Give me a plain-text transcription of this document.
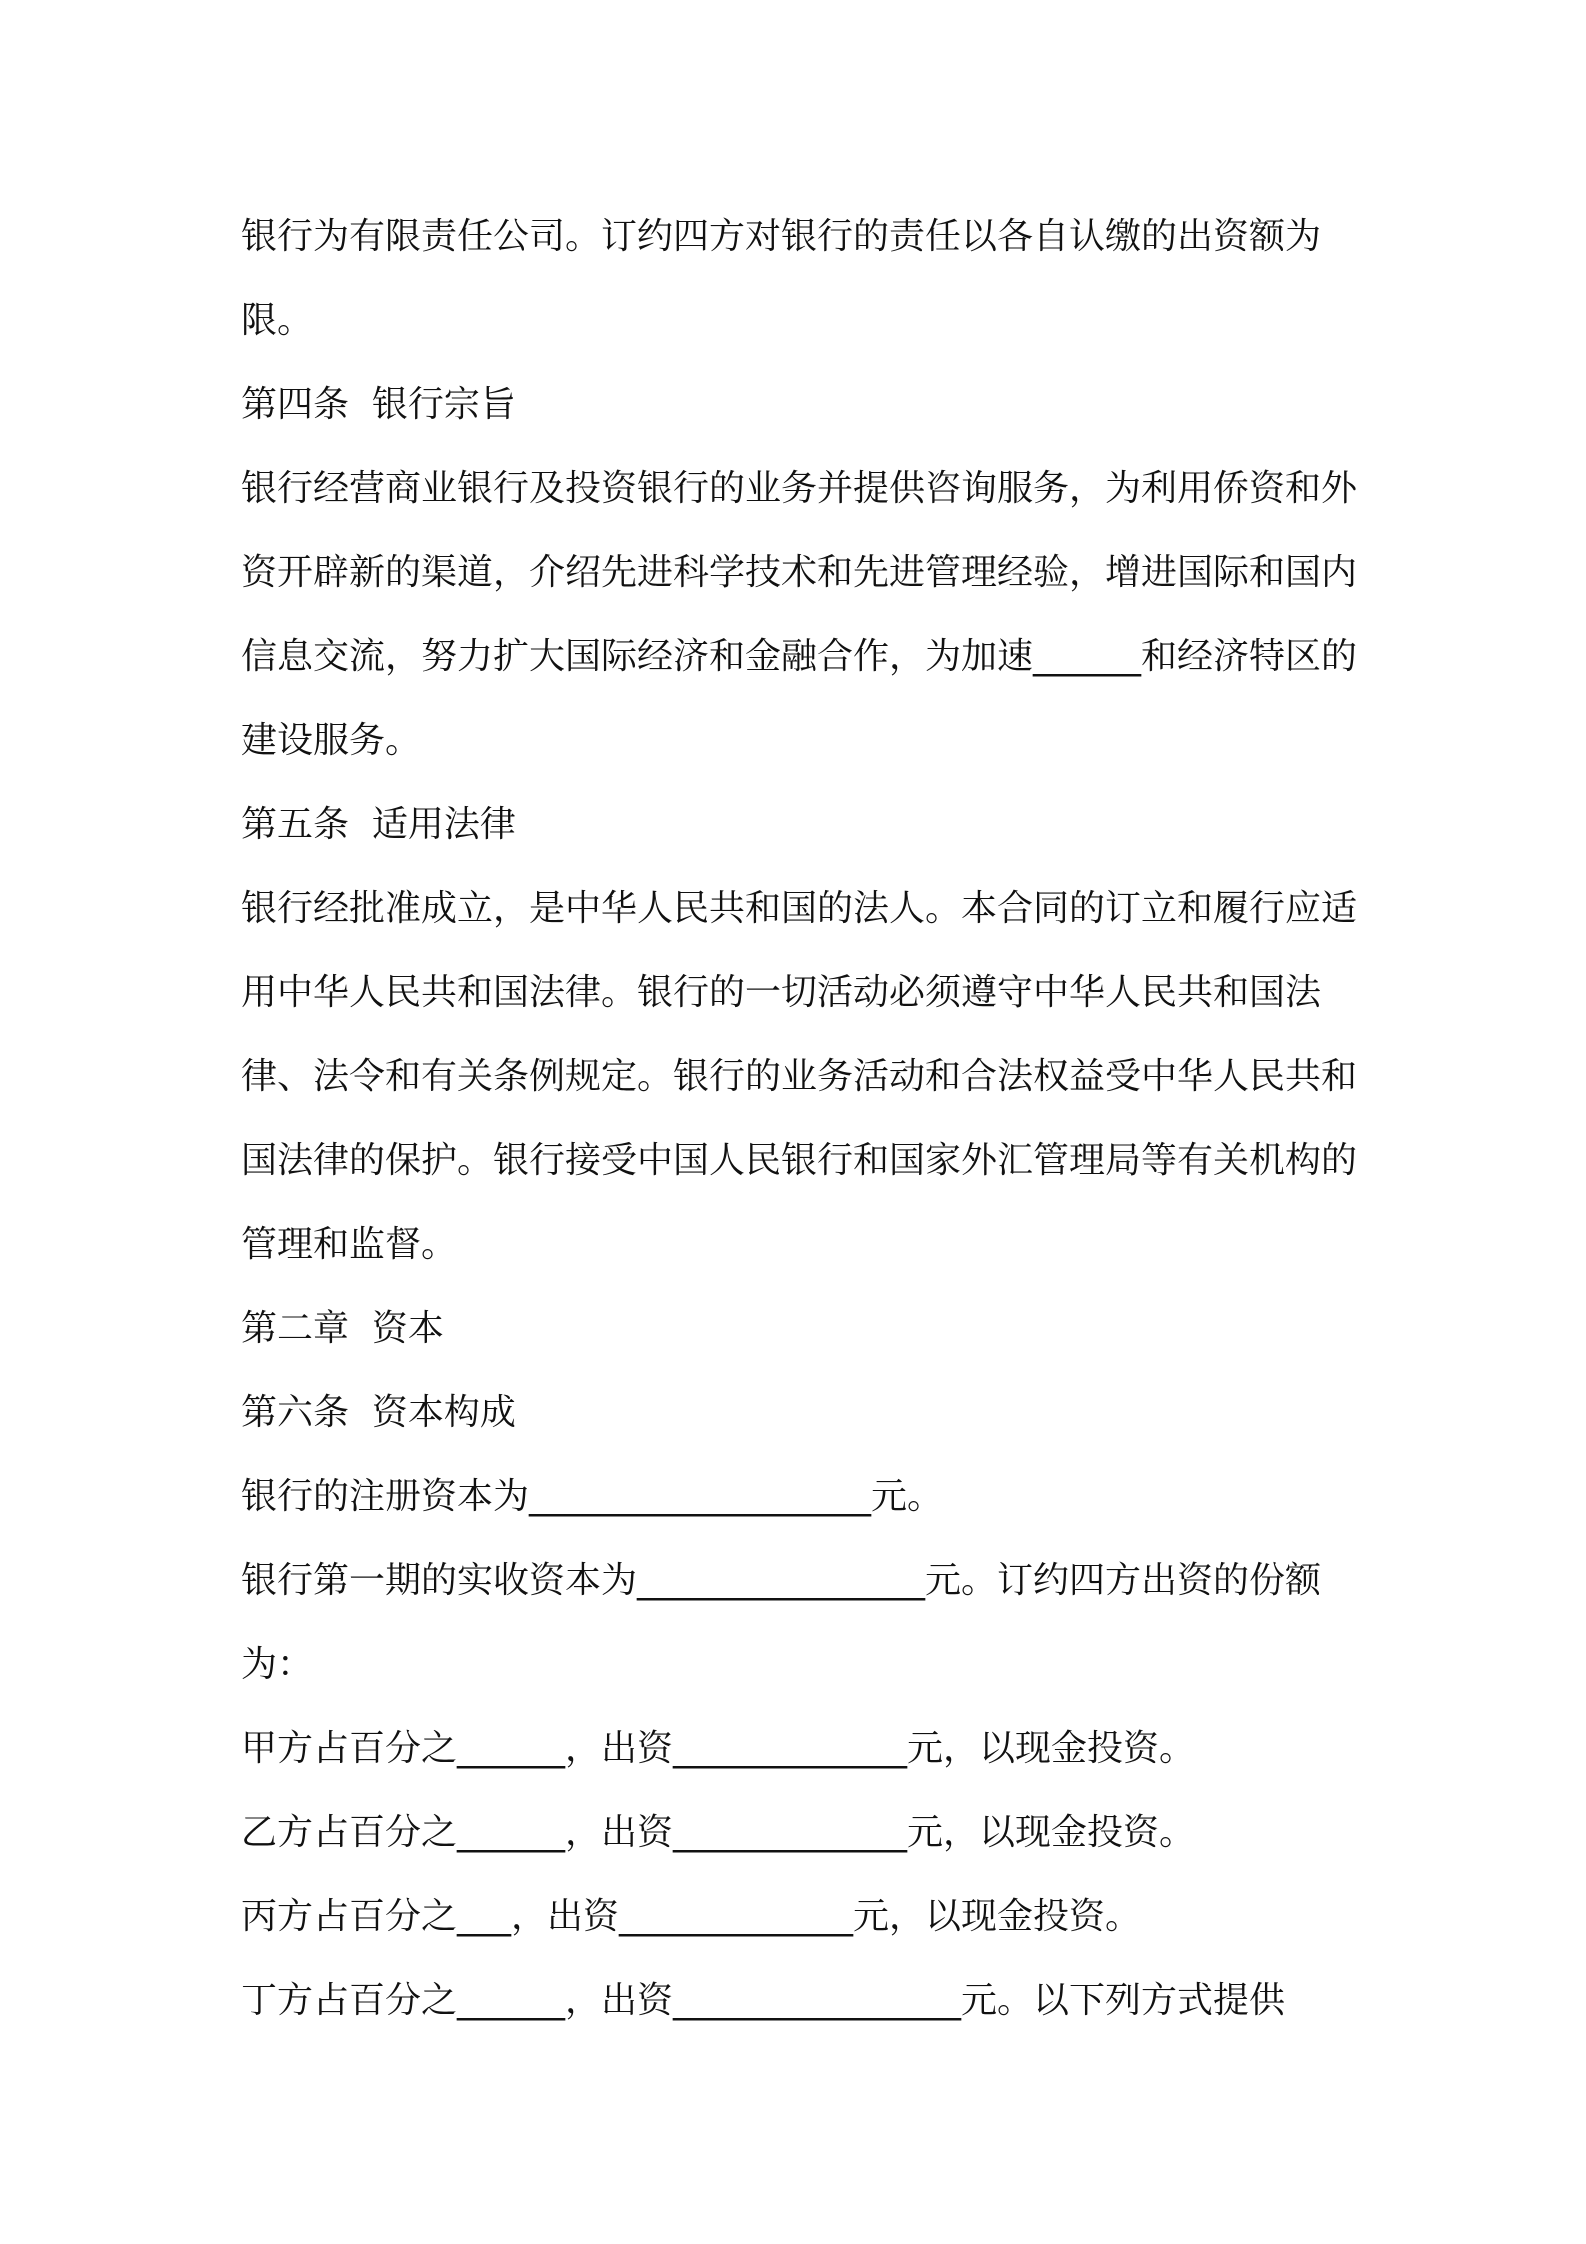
银行为有限责任公司。订约四方对银行的责任以各自认缴的出资额为限。

第四条  银行宗旨

银行经营商业银行及投资银行的业务并提供咨询服务，为利用侨资和外资开辟新的渠道，介绍先进科学技术和先进管理经验，增进国际和国内信息交流，努力扩大国际经济和金融合作，为加速______和经济特区的建设服务。

第五条  适用法律

银行经批准成立，是中华人民共和国的法人。本合同的订立和履行应适用中华人民共和国法律。银行的一切活动必须遵守中华人民共和国法律、法令和有关条例规定。银行的业务活动和合法权益受中华人民共和国法律的保护。银行接受中国人民银行和国家外汇管理局等有关机构的管理和监督。

第二章  资本

第六条  资本构成

银行的注册资本为___________________元。

银行第一期的实收资本为________________元。订约四方出资的份额为：

甲方占百分之______，出资_____________元，以现金投资。

乙方占百分之______，出资_____________元，以现金投资。

丙方占百分之___，出资_____________元，以现金投资。

丁方占百分之______，出资________________元。以下列方式提供
